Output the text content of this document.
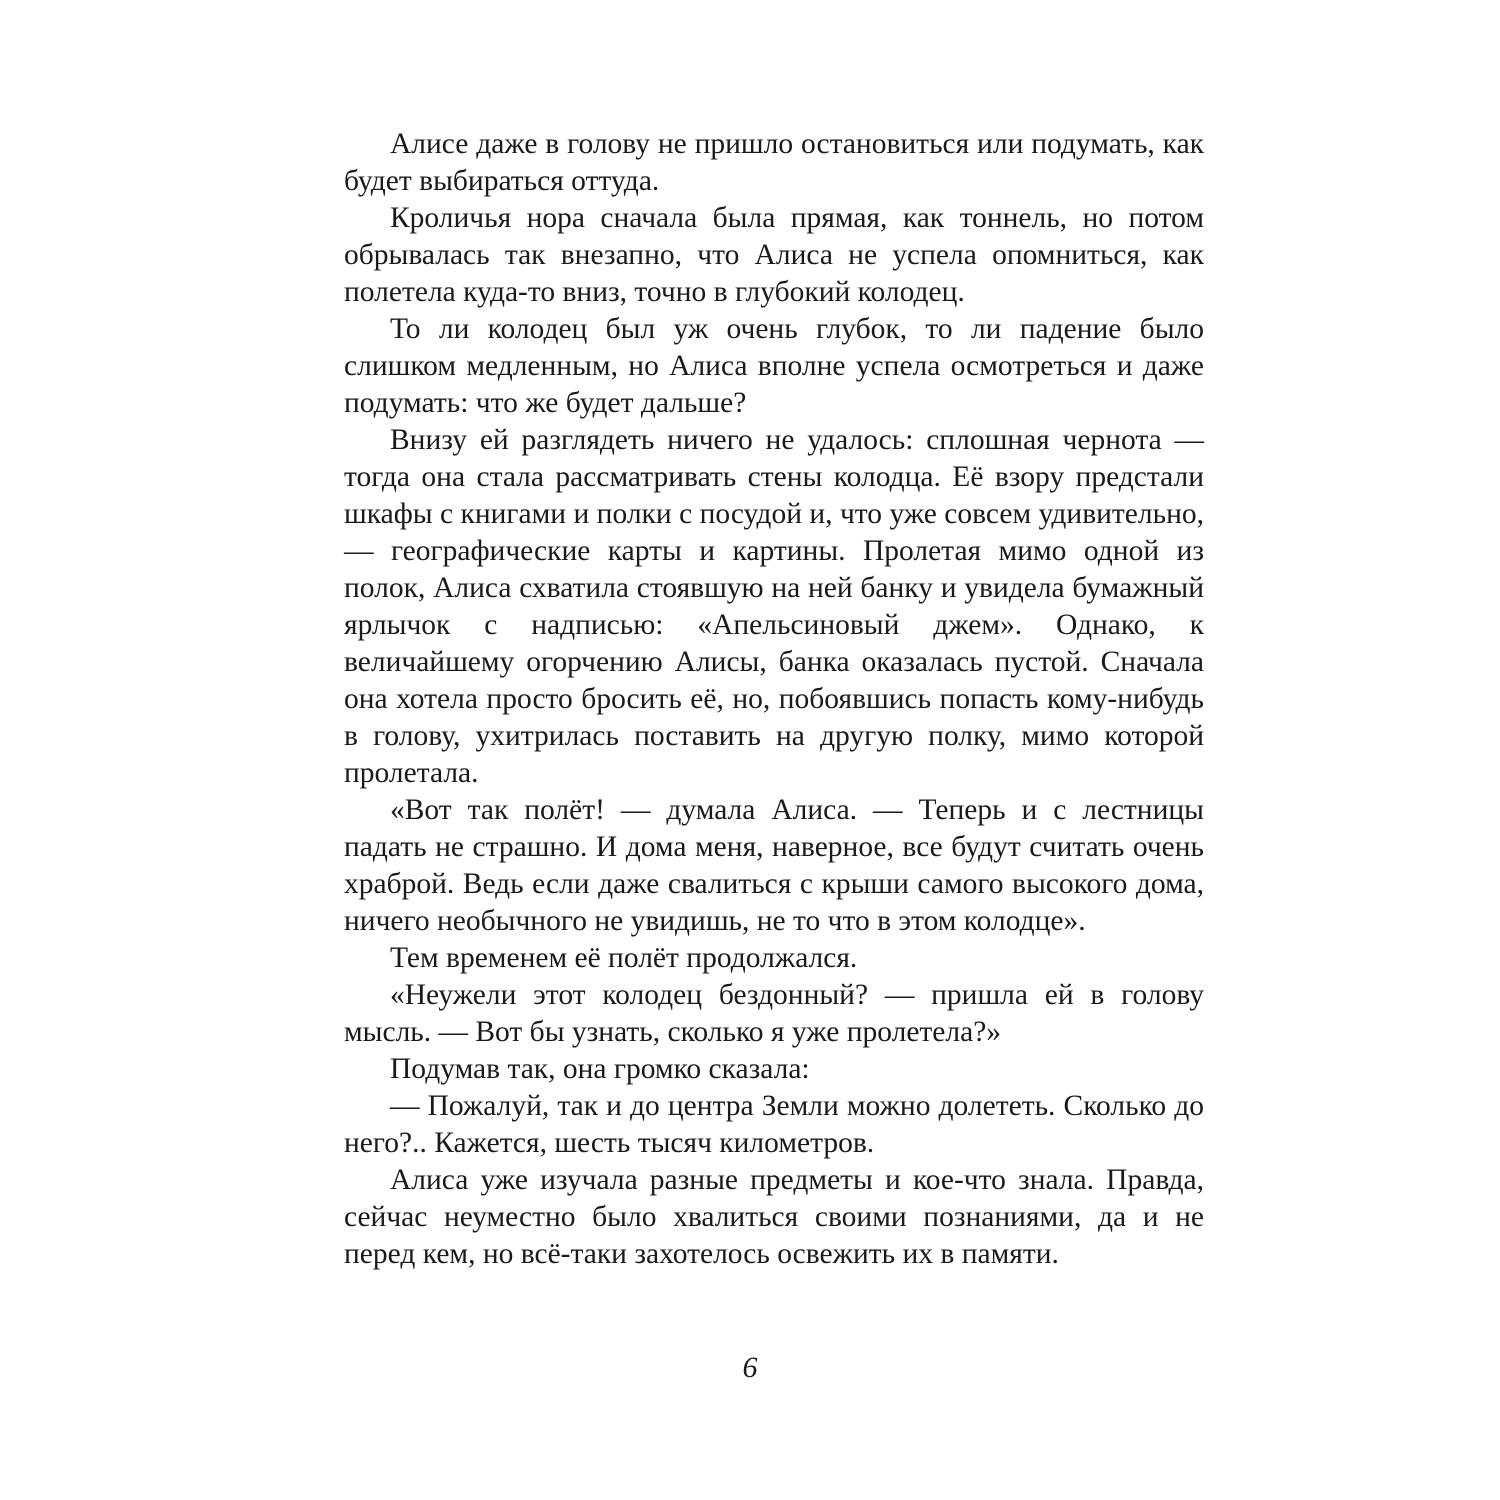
Алисе даже в голову не пришло остановиться или подумать, как будет выбираться оттуда.

Кроличья нора сначала была прямая, как тоннель, но потом обрывалась так внезапно, что Алиса не успела опомниться, как полетела куда-то вниз, точно в глубокий колодец.

То ли колодец был уж очень глубок, то ли падение было слишком медленным, но Алиса вполне успела осмотреться и даже подумать: что же будет дальше?

Внизу ей разглядеть ничего не удалось: сплошная чернота — тогда она стала рассматривать стены колодца. Её взору предстали шкафы с книгами и полки с посудой и, что уже совсем удивительно, — географические карты и картины. Пролетая мимо одной из полок, Алиса схватила стоявшую на ней банку и увидела бумажный ярлычок с надписью: «Апельсиновый джем». Однако, к величайшему огорчению Алисы, банка оказалась пустой. Сначала она хотела просто бросить её, но, побоявшись попасть кому-нибудь в голову, ухитрилась поставить на другую полку, мимо которой пролетала.

«Вот так полёт! — думала Алиса. — Теперь и с лестницы падать не страшно. И дома меня, наверное, все будут считать очень храброй. Ведь если даже свалиться с крыши самого высокого дома, ничего необычного не увидишь, не то что в этом колодце».

Тем временем её полёт продолжался.

«Неужели этот колодец бездонный? — пришла ей в голову мысль. — Вот бы узнать, сколько я уже пролетела?»

Подумав так, она громко сказала:

— Пожалуй, так и до центра Земли можно долететь. Сколько до него?.. Кажется, шесть тысяч километров.

Алиса уже изучала разные предметы и кое-что знала. Правда, сейчас неуместно было хвалиться своими познаниями, да и не перед кем, но всё-таки захотелось освежить их в памяти.

6
